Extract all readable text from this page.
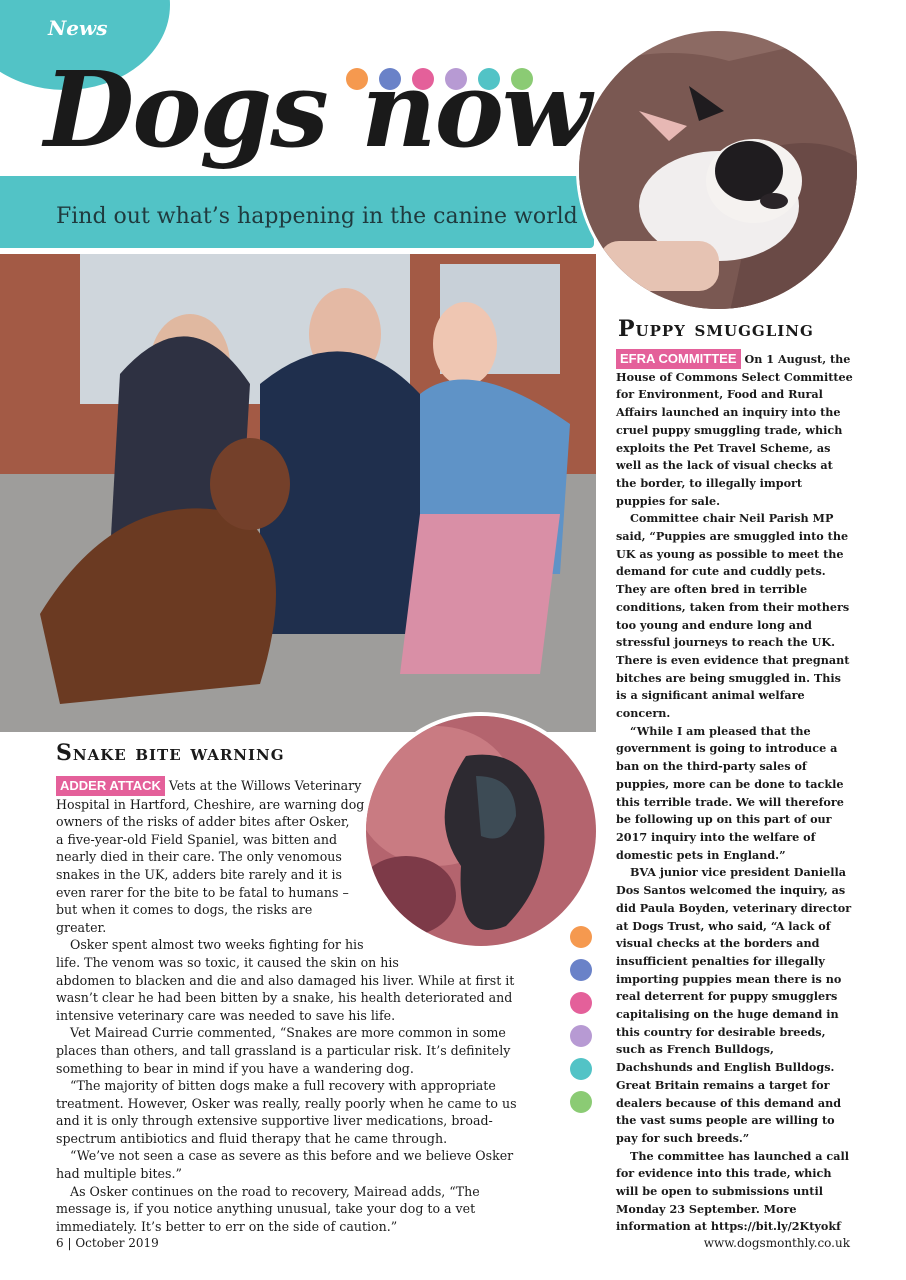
News
Dogs now
Find out what’s happening in the canine world
Puppy smuggling

EFRA COMMITTEE On 1 August, the House of Commons Select Committee for Environment, Food and Rural Affairs launched an inquiry into the cruel puppy smuggling trade, which exploits the Pet Travel Scheme, as well as the lack of visual checks at the border, to illegally import puppies for sale.

Committee chair Neil Parish MP said, “Puppies are smuggled into the UK as young as possible to meet the demand for cute and cuddly pets. They are often bred in terrible conditions, taken from their mothers too young and endure long and stressful journeys to reach the UK. There is even evidence that pregnant bitches are being smuggled in. This is a significant animal welfare concern.

“While I am pleased that the government is going to introduce a ban on the third-party sales of puppies, more can be done to tackle this terrible trade. We will therefore be following up on this part of our 2017 inquiry into the welfare of domestic pets in England.”

BVA junior vice president Daniella Dos Santos welcomed the inquiry, as did Paula Boyden, veterinary director at Dogs Trust, who said, “A lack of visual checks at the borders and insufficient penalties for illegally importing puppies mean there is no real deterrent for puppy smugglers capitalising on the huge demand in this country for desirable breeds, such as French Bulldogs, Dachshunds and English Bulldogs. Great Britain remains a target for dealers because of this demand and the vast sums people are willing to pay for such breeds.”

The committee has launched a call for evidence into this trade, which will be open to submissions until Monday 23 September. More information at https://bit.ly/2Ktyokf

Snake bite warning

ADDER ATTACK Vets at the Willows Veterinary Hospital in Hartford, Cheshire, are warning dog owners of the risks of adder bites after Osker, a five-year-old Field Spaniel, was bitten and nearly died in their care. The only venomous snakes in the UK, adders bite rarely and it is even rarer for the bite to be fatal to humans – but when it comes to dogs, the risks are greater.

Osker spent almost two weeks fighting for his life. The venom was so toxic, it caused the skin on his abdomen to blacken and die and also damaged his liver. While at first it wasn’t clear he had been bitten by a snake, his health deteriorated and intensive veterinary care was needed to save his life.

Vet Mairead Currie commented, “Snakes are more common in some places than others, and tall grassland is a particular risk. It’s definitely something to bear in mind if you have a wandering dog.

“The majority of bitten dogs make a full recovery with appropriate treatment. However, Osker was really, really poorly when he came to us and it is only through extensive supportive liver medications, broad-spectrum antibiotics and fluid therapy that he came through.

“We’ve not seen a case as severe as this before and we believe Osker had multiple bites.”

As Osker continues on the road to recovery, Mairead adds, “The message is, if you notice anything unusual, take your dog to a vet immediately. It’s better to err on the side of caution.”

6 | October 2019	www.dogsmonthly.co.uk
